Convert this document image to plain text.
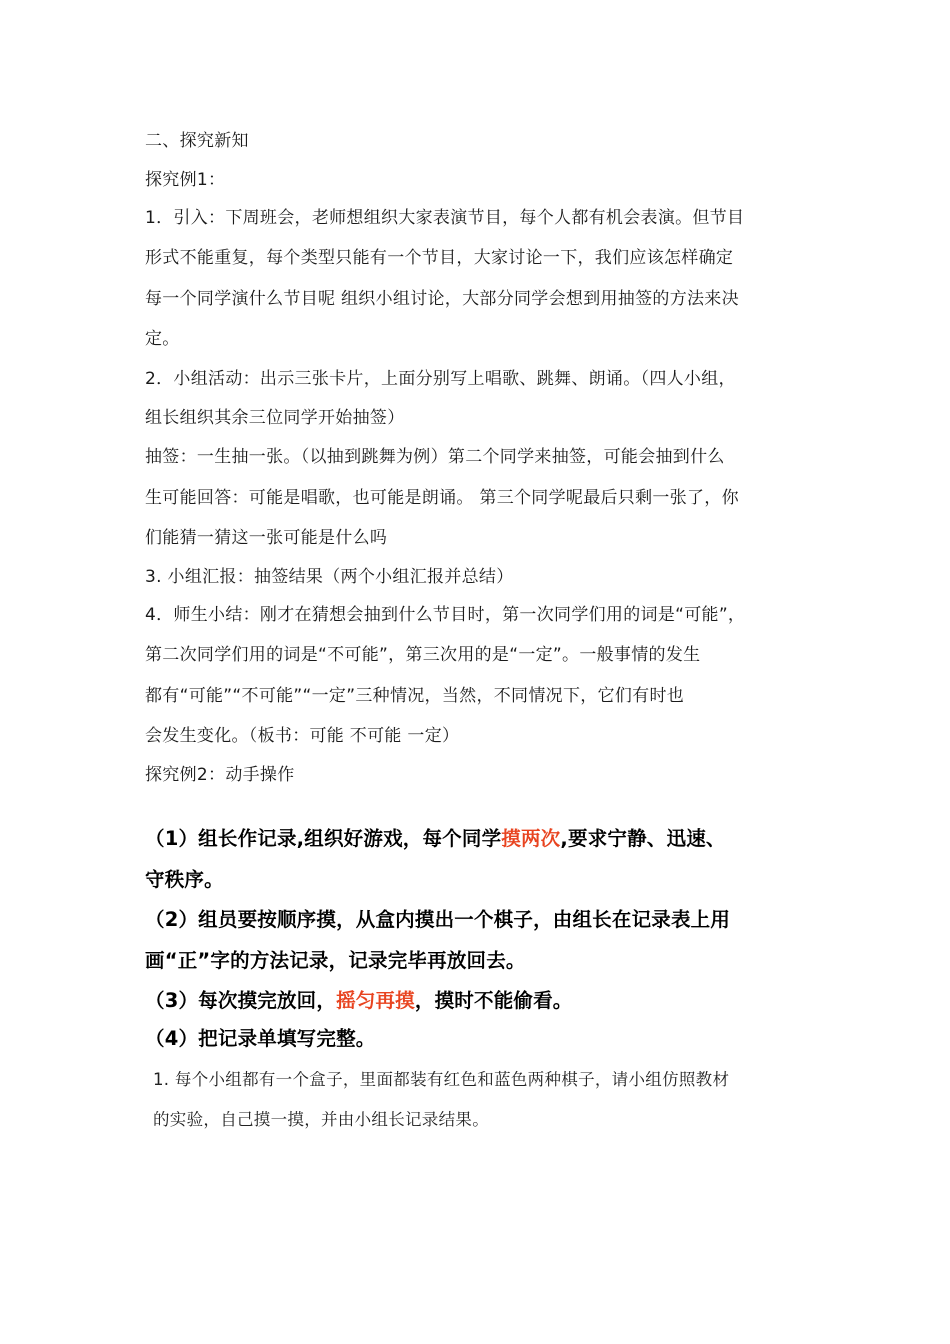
二、探究新知
探究例1：
1．引入：下周班会，老师想组织大家表演节目，每个人都有机会表演。但节目
形式不能重复，每个类型只能有一个节目，大家讨论一下，我们应该怎样确定
每一个同学演什么节目呢 组织小组讨论，大部分同学会想到用抽签的方法来决
定。
2．小组活动：出示三张卡片，上面分别写上唱歌、跳舞、朗诵。（四人小组，
组长组织其余三位同学开始抽签）
抽签：一生抽一张。（以抽到跳舞为例）第二个同学来抽签，可能会抽到什么
生可能回答：可能是唱歌，也可能是朗诵。 第三个同学呢最后只剩一张了，你
们能猜一猜这一张可能是什么吗
3. 小组汇报：抽签结果（两个小组汇报并总结）
4．师生小结：刚才在猜想会抽到什么节目时，第一次同学们用的词是“可能”，
第二次同学们用的词是“不可能”，第三次用的是“一定”。一般事情的发生
都有“可能”“不可能”“一定”三种情况，当然，不同情况下，它们有时也
会发生变化。（板书：可能 不可能 一定）
探究例2：动手操作
（1）组长作记录,组织好游戏，每个同学摸两次,要求宁静、迅速、
守秩序。
（2）组员要按顺序摸，从盒内摸出一个棋子，由组长在记录表上用
画“正”字的方法记录，记录完毕再放回去。
（3）每次摸完放回，摇匀再摸，摸时不能偷看。
（4）把记录单填写完整。
1. 每个小组都有一个盒子，里面都装有红色和蓝色两种棋子，请小组仿照教材
的实验，自己摸一摸，并由小组长记录结果。
